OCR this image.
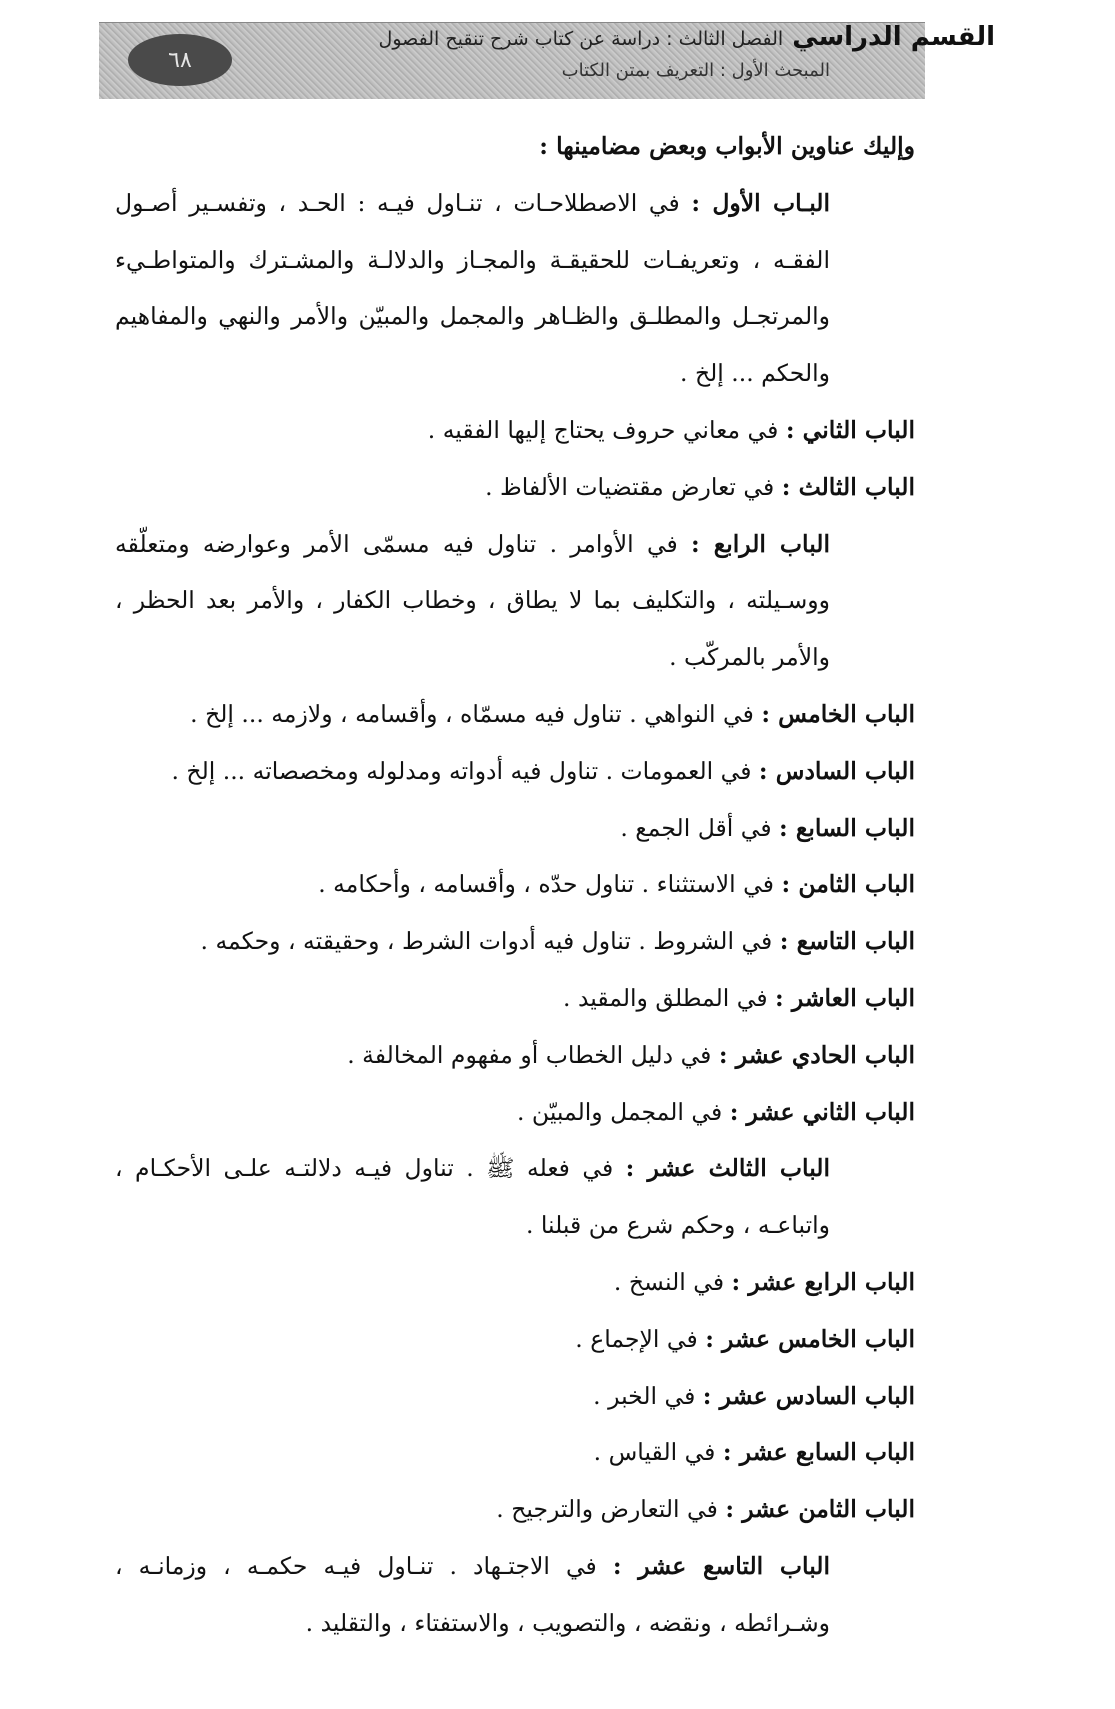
٦٨
القسم الدراسي الفصل الثالث : دراسة عن كتاب شرح تنقيح الفصول
المبحث الأول : التعريف بمتن الكتاب

وإليك عناوين الأبواب وبعض مضامينها :

البـاب الأول : في الاصطلاحـات ، تنـاول فيـه : الحـد ، وتفسـير أصـول الفقـه ، وتعريفـات للحقيقـة والمجـاز والدلالـة والمشـترك والمتواطـيء والمرتجـل والمطلـق والظـاهر والمجمل والمبيّن والأمر والنهي والمفاهيم والحكم ... إلخ .

الباب الثاني : في معاني حروف يحتاج إليها الفقيه .

الباب الثالث : في تعارض مقتضيات الألفاظ .

الباب الرابع : في الأوامر . تناول فيه مسمّى الأمر وعوارضه ومتعلّقه ووسـيلته ، والتكليف بما لا يطاق ، وخطاب الكفار ، والأمر بعد الحظر ، والأمر بالمركّب .

الباب الخامس : في النواهي . تناول فيه مسمّاه ، وأقسامه ، ولازمه ... إلخ .

الباب السادس : في العمومات . تناول فيه أدواته ومدلوله ومخصصاته ... إلخ .

الباب السابع : في أقل الجمع .

الباب الثامن : في الاستثناء . تناول حدّه ، وأقسامه ، وأحكامه .

الباب التاسع : في الشروط . تناول فيه أدوات الشرط ، وحقيقته ، وحكمه .

الباب العاشر : في المطلق والمقيد .

الباب الحادي عشر : في دليل الخطاب أو مفهوم المخالفة .

الباب الثاني عشر : في المجمل والمبيّن .

الباب الثالث عشر : في فعله ﷺ . تناول فيـه دلالتـه علـى الأحكـام ، واتباعـه ، وحكم شرع من قبلنا .

الباب الرابع عشر : في النسخ .

الباب الخامس عشر : في الإجماع .

الباب السادس عشر : في الخبر .

الباب السابع عشر : في القياس .

الباب الثامن عشر : في التعارض والترجيح .

الباب التاسع عشر : في الاجتـهاد . تنـاول فيـه حكمـه ، وزمانـه ، وشـرائطه ، ونقضه ، والتصويب ، والاستفتاء ، والتقليد .
